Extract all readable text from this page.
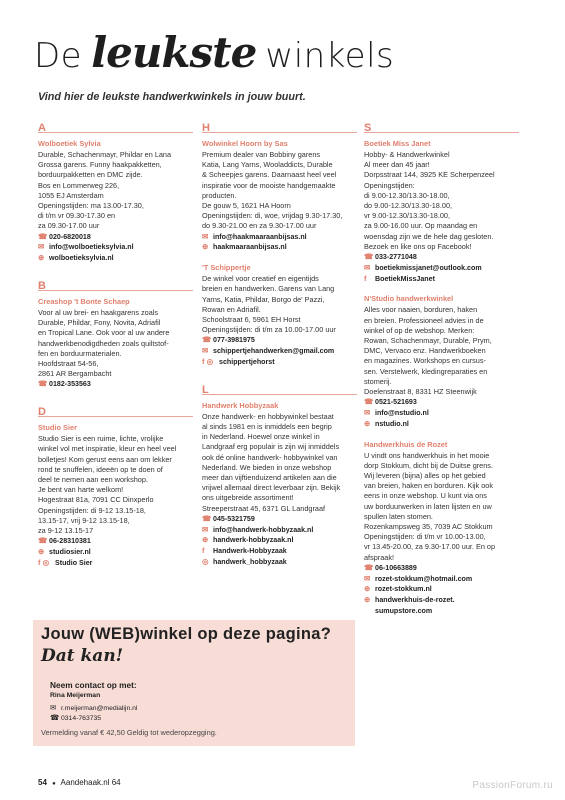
De leukste winkels
Vind hier de leukste handwerkwinkels in jouw buurt.
A
Wolboetiek Sylvia
Durable, Schachenmayr, Phildar en Lana
Grossa garens. Funny haakpakketten,
borduurpakketten en DMC zijde.
Bos en Lommerweg 226,
1055 EJ Amsterdam
Openingstijden: ma 13.00-17.30,
di t/m vr 09.30-17.30 en
za 09.30-17.00 uur
☎ 020-6820018
✉ info@wolboetieksylvia.nl
⊕ wolboetieksylvia.nl
B
Creashop 't Bonte Schaep
Voor al uw brei- en haakgarens zoals
Durable, Phildar, Fony, Novita, Adriafil
en Tropical Lane. Ook voor al uw andere
handwerkbenodigdheden zoals quiltstof-
fen en borduurmaterialen.
Hoofdstraat 54-56,
2861 AR Bergambacht
☎ 0182-353563
D
Studio Sier
Studio Sier is een ruime, lichte, vrolijke
winkel vol met inspiratie, kleur en heel veel
bolletjes! Kom gerust eens aan om lekker
rond te snuffelen, ideeën op te doen of
deel te nemen aan een workshop.
Je bent van harte welkom!
Hogestraat 81a, 7091 CC Dinxperlo
Openingstijden: di 9-12 13.15-18,
13.15-17, vrij 9-12 13.15-18,
za 9-12 13.15-17
☎ 06-28310381
⊕ studiosier.nl
f ◎ Studio Sier
H
Wolwinkel Hoorn by Sas
Premium dealer van Bobbiny garens
Katia, Lang Yarns, Wooladdicts, Durable
& Scheepjes garens. Daarnaast heel veel
inspiratie voor de mooiste handgemaakte
producten.
De gouw 5, 1621 HA Hoorn
Openingstijden: di, woe, vrijdag 9.30-17.30,
do 9.30-21.00 en za 9.30-17.00 uur
✉ info@haakmaaraanbijsas.nl
⊕ haakmaaraanbijsas.nl
'T Schippertje
De winkel voor creatief en eigentijds
breien en handwerken. Garens van Lang
Yarns, Katia, Phildar, Borgo de' Pazzi,
Rowan en Adriafil.
Schoolstraat 6, 5961 EH Horst
Openingstijden: di t/m za 10.00-17.00 uur
☎ 077-3981975
✉ schippertjehandwerken@gmail.com
f ◎ schippertjehorst
L
Handwerk Hobbyzaak
Onze handwerk- en hobbywinkel bestaat
al sinds 1981 en is inmiddels een begrip
in Nederland. Hoewel onze winkel in
Landgraaf erg populair is zijn wij inmiddels
ook dé online handwerk- hobbywinkel van
Nederland. We bieden in onze webshop
meer dan vijftienduizend artikelen aan die
vrijwel allemaal direct leverbaar zijn. Bekijk
ons uitgebreide assortiment!
Streeperstraat 45, 6371 GL Landgraaf
☎ 045-5321759
✉ info@handwerk-hobbyzaak.nl
⊕ handwerk-hobbyzaak.nl
f	Handwerk-Hobbyzaak
◎ handwerk_hobbyzaak
S
Boetiek Miss Janet
Hobby- & Handwerkwinkel
Al meer dan 45 jaar!
Dorpsstraat 144, 3925 KE Scherpenzeel
Openingstijden:
di 9.00-12.30/13.30-18.00,
do 9.00-12.30/13.30-18.00,
vr 9.00-12.30/13.30-18.00,
za 9.00-16.00 uur. Op maandag en
woensdag zijn we de hele dag gesloten.
Bezoek en like ons op Facebook!
☎ 033-2771048
✉ boetiekmissjanet@outlook.com
f	BoetiekMissJanet
N'Studio handwerkwinkel
Alles voor naaien, borduren, haken
en breien. Professioneel advies in de
winkel of op de webshop. Merken:
Rowan, Schachenmayr, Durable, Prym,
DMC, Vervaco enz. Handwerkboeken
en magazines. Workshops en cursus-
sen. Verstelwerk, kledingreparaties en
stomerij.
Doelenstraat 8, 8331 HZ Steenwijk
☎ 0521-521693
✉ info@nstudio.nl
⊕ nstudio.nl
Handwerkhuis de Rozet
U vindt ons handwerkhuis in het mooie
dorp Stokkum, dicht bij de Duitse grens.
Wij leveren (bijna) alles op het gebied
van breien, haken en borduren. Kijk ook
eens in onze webshop. U kunt via ons
uw borduurwerken in laten lijsten en uw
spullen laten stomen.
Rozenkampsweg 35, 7039 AC Stokkum
Openingstijden: di t/m vr 10.00-13.00,
vr 13.45-20.00, za 9.30-17.00 uur. En op
afspraak!
☎ 06-10663889
✉ rozet-stokkum@hotmail.com
⊕ rozet-stokkum.nl
⊕ handwerkhuis-de-rozet.
sumupstore.com
Jouw (WEB)winkel op deze pagina?
Dat kan!
Neem contact op met:
Rina Meijerman
✉ r.meijerman@medialijn.nl
☎ 0314-763735
Vermelding vanaf € 42,50 Geldig tot wederopzegging.
54 ● Aandehaak.nl 64	PassionForum.ru
